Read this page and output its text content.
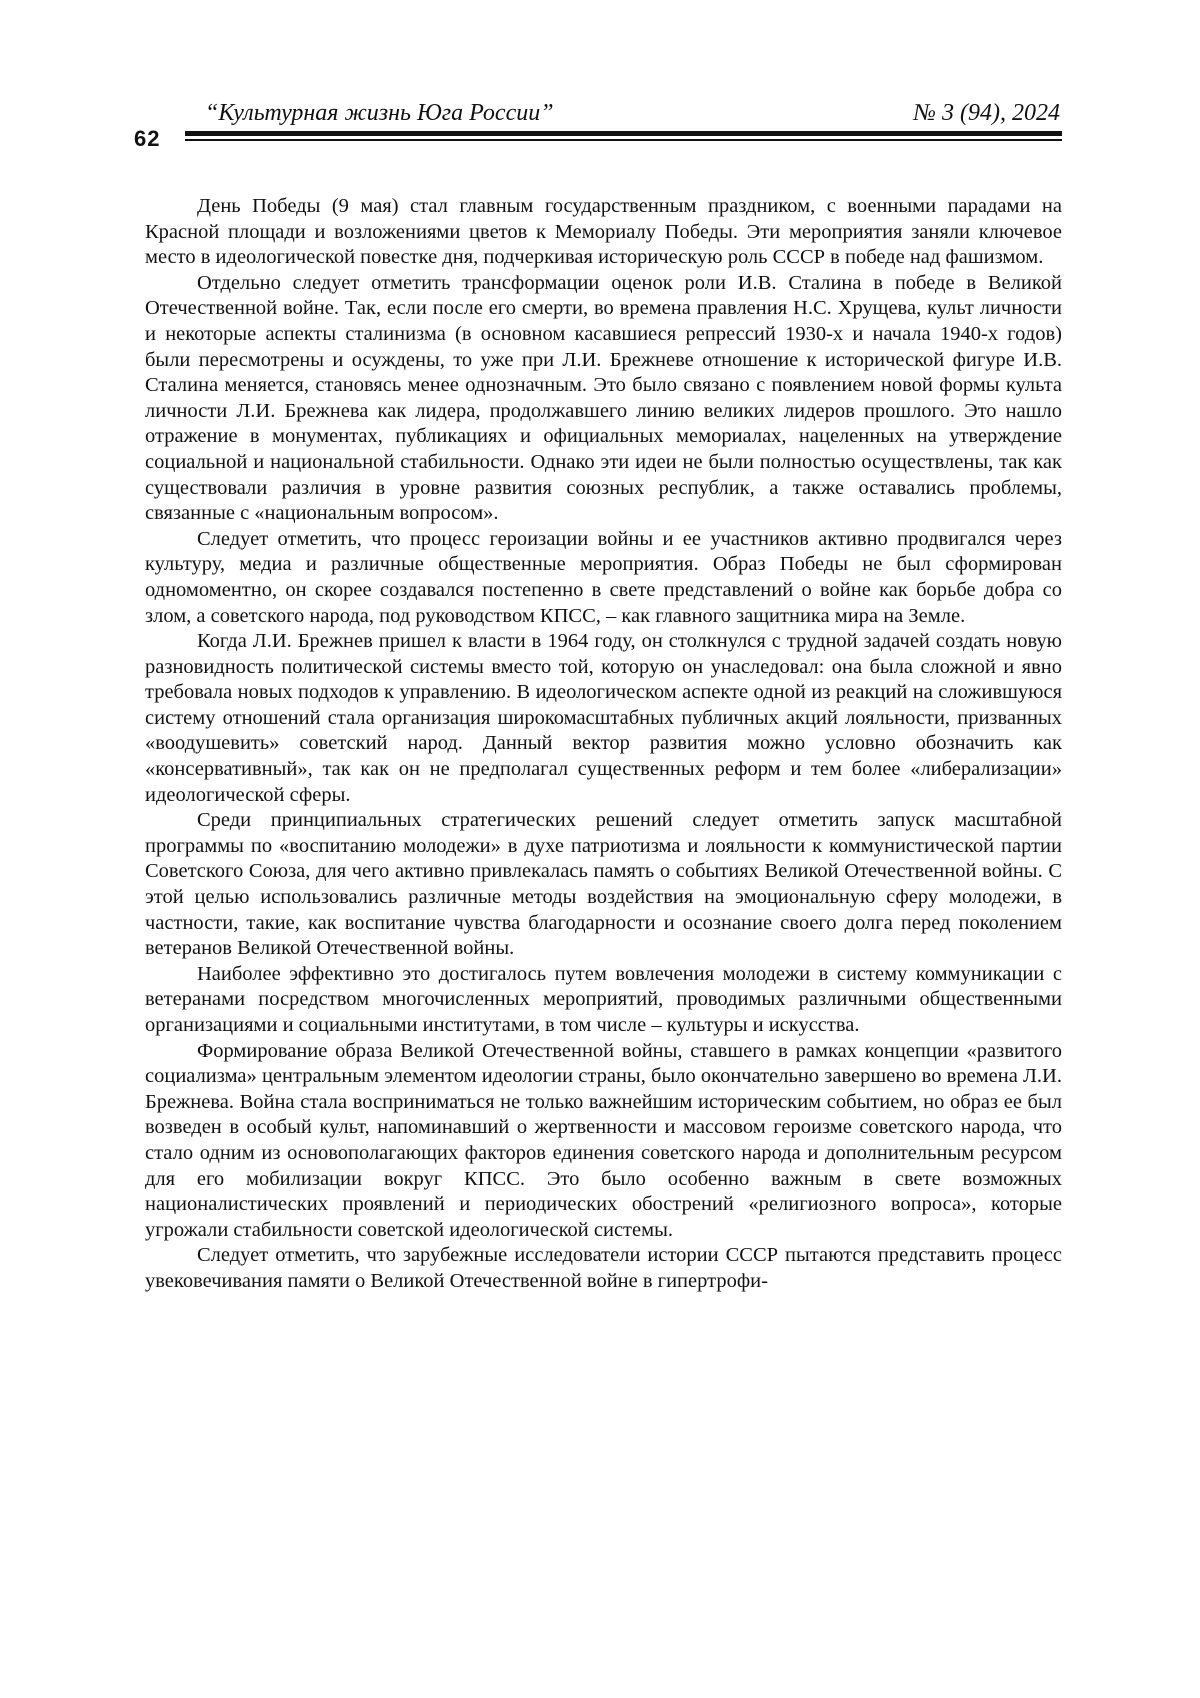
62
“Культурная жизнь Юга России”	№ 3 (94), 2024

День Победы (9 мая) стал главным государственным праздником, с военными парадами на Красной площади и возложениями цветов к Мемориалу Победы. Эти мероприятия заняли ключевое место в идеологической повестке дня, подчеркивая историческую роль СССР в победе над фашизмом.

Отдельно следует отметить трансформации оценок роли И.В. Сталина в победе в Великой Отечественной войне. Так, если после его смерти, во времена правления Н.С. Хрущева, культ личности и некоторые аспекты сталинизма (в основном касавшиеся репрессий 1930-х и начала 1940-х годов) были пересмотрены и осуждены, то уже при Л.И. Брежневе отношение к исторической фигуре И.В. Сталина меняется, становясь менее однозначным. Это было связано с появлением новой формы культа личности Л.И. Брежнева как лидера, продолжавшего линию великих лидеров прошлого. Это нашло отражение в монументах, публикациях и официальных мемориалах, нацеленных на утверждение социальной и национальной стабильности. Однако эти идеи не были полностью осуществлены, так как существовали различия в уровне развития союзных республик, а также оставались проблемы, связанные с «национальным вопросом».

Следует отметить, что процесс героизации войны и ее участников активно продвигался через культуру, медиа и различные общественные мероприятия. Образ Победы не был сформирован одномоментно, он скорее создавался постепенно в свете представлений о войне как борьбе добра со злом, а советского народа, под руководством КПСС, – как главного защитника мира на Земле.

Когда Л.И. Брежнев пришел к власти в 1964 году, он столкнулся с трудной задачей создать новую разновидность политической системы вместо той, которую он унаследовал: она была сложной и явно требовала новых подходов к управлению. В идеологическом аспекте одной из реакций на сложившуюся систему отношений стала организация широкомасштабных публичных акций лояльности, призванных «воодушевить» советский народ. Данный вектор развития можно условно обозначить как «консервативный», так как он не предполагал существенных реформ и тем более «либерализации» идеологической сферы.

Среди принципиальных стратегических решений следует отметить запуск масштабной программы по «воспитанию молодежи» в духе патриотизма и лояльности к коммунистической партии Советского Союза, для чего активно привлекалась память о событиях Великой Отечественной войны. С этой целью использовались различные методы воздействия на эмоциональную сферу молодежи, в частности, такие, как воспитание чувства благодарности и осознание своего долга перед поколением ветеранов Великой Отечественной войны.

Наиболее эффективно это достигалось путем вовлечения молодежи в систему коммуникации с ветеранами посредством многочисленных мероприятий, проводимых различными общественными организациями и социальными институтами, в том числе – культуры и искусства.

Формирование образа Великой Отечественной войны, ставшего в рамках концепции «развитого социализма» центральным элементом идеологии страны, было окончательно завершено во времена Л.И. Брежнева. Война стала восприниматься не только важнейшим историческим событием, но образ ее был возведен в особый культ, напоминавший о жертвенности и массовом героизме советского народа, что стало одним из основополагающих факторов единения советского народа и дополнительным ресурсом для его мобилизации вокруг КПСС. Это было особенно важным в свете возможных националистических проявлений и периодических обострений «религиозного вопроса», которые угрожали стабильности советской идеологической системы.

Следует отметить, что зарубежные исследователи истории СССР пытаются представить процесс увековечивания памяти о Великой Отечественной войне в гипертрофи-
